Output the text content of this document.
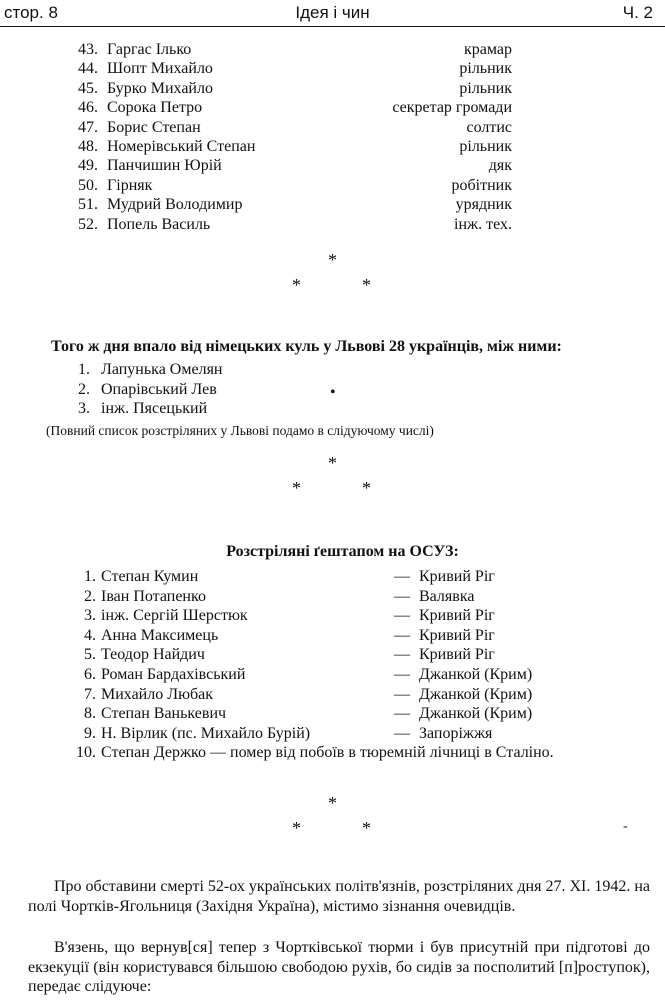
стор. 8	Ідея і чин	Ч. 2
43. Гаргас Ілько	крамар
44. Шопт Михайло	рільник
45. Бурко Михайло	рільник
46. Сорока Петро	секретар громади
47. Борис Степан	солтис
48. Номерівський Степан	рільник
49. Панчишин Юрій	дяк
50. Гірняк	робітник
51. Мудрий Володимир	урядник
52. Попель Василь	інж. тех.
*
*	*
Того ж дня впало від німецьких куль у Львові 28 українців, між ними:
1. Лапунька Омелян
2. Опарівський Лев
3. інж. Пясецький
•
(Повний список розстріляних у Львові подамо в слідуючому числі)
*
*	*
Розстріляні ґештапом на ОСУЗ:
1. Степан Кумин	— Кривий Ріг
2. Іван Потапенко	— Валявка
3. інж. Сергій Шерстюк	— Кривий Ріг
4. Анна Максимець	— Кривий Ріг
5. Теодор Найдич	— Кривий Ріг
6. Роман Бардахівський	— Джанкой (Крим)
7. Михайло Любак	— Джанкой (Крим)
8. Степан Ванькевич	— Джанкой (Крим)
9. Н. Вірлик (пс. Михайло Бурій)	— Запоріжжя
10. Степан Держко — помер від побоїв в тюремній лічниці в Сталіно.
*
*	*	-

Про обставини смерті 52-ох українських політв'язнів, розстріляних дня 27. XI. 1942. на полі Чортків-Ягольниця (Західня Україна), містимо зізнання очевидців.

В'язень, що вернув[ся] тепер з Чортківської тюрми і був присутній при підготові до екзекуції (він користувався більшою свободою рухів, бо сидів за посполитий [п]роступок), передає слідуюче:
